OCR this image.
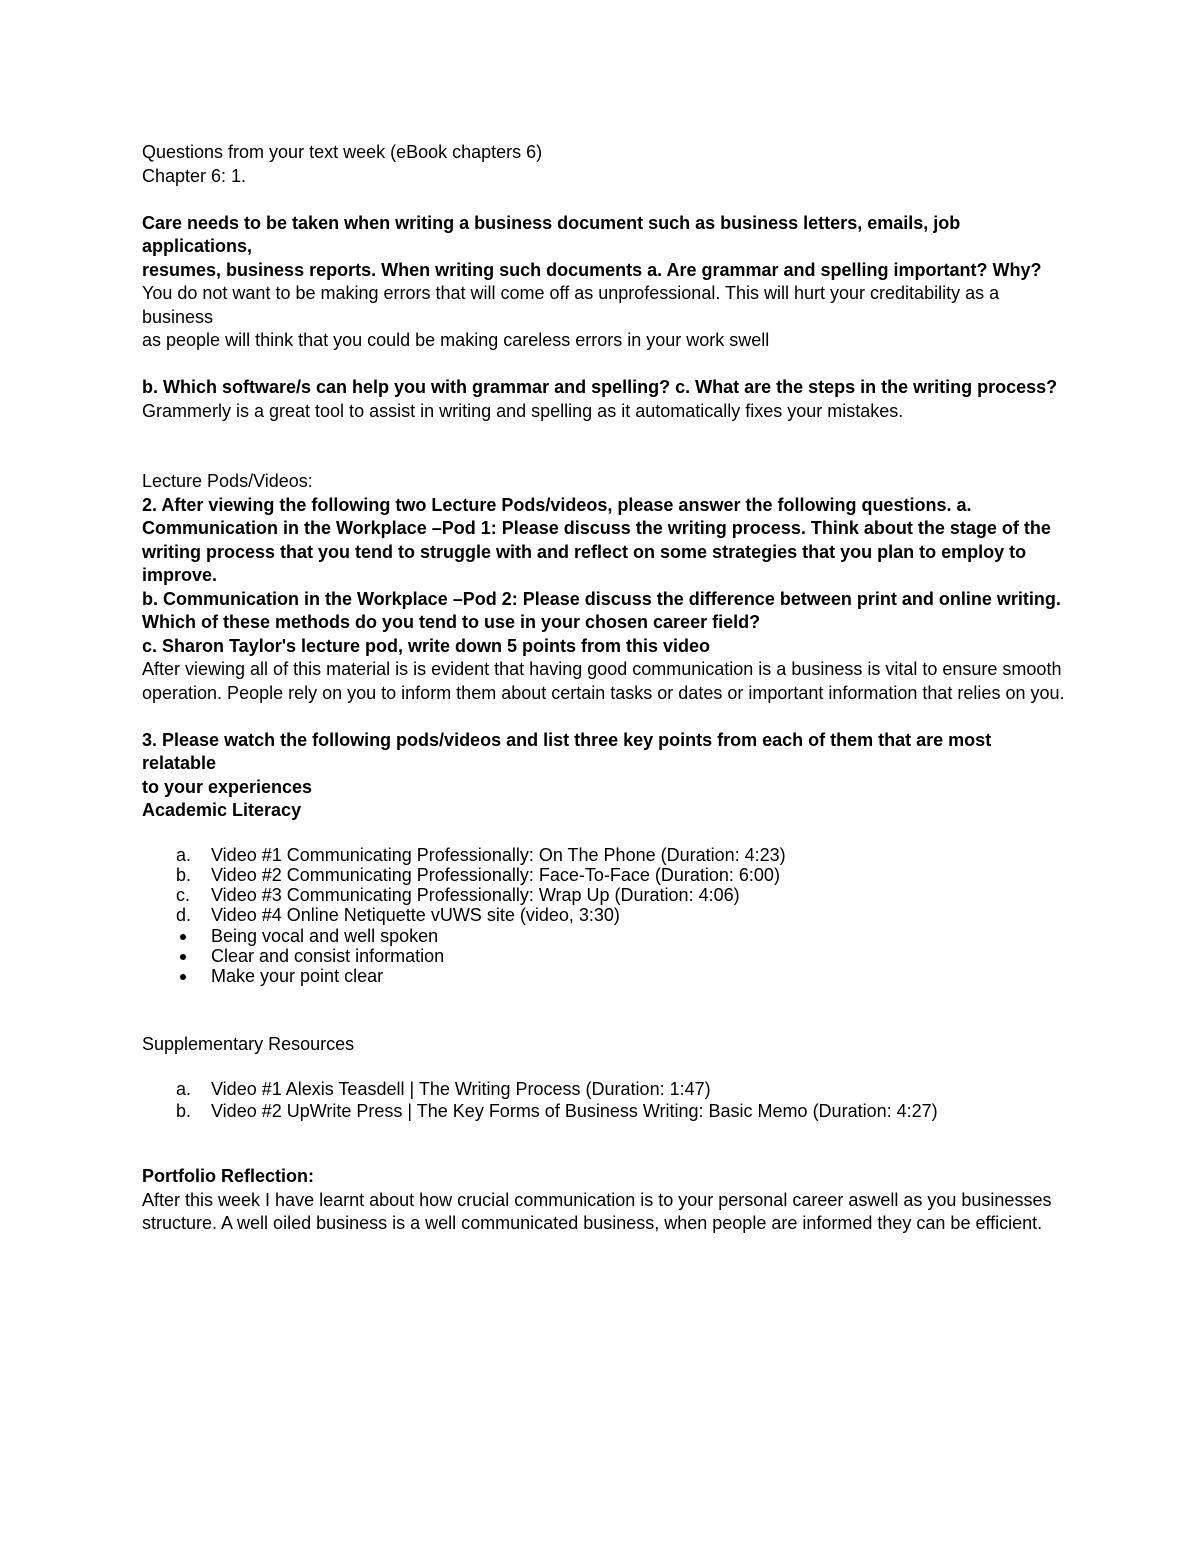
Questions from your text week (eBook chapters 6)

Chapter 6: 1.

Care needs to be taken when writing a business document such as business letters, emails, job applications,

resumes, business reports. When writing such documents a. Are grammar and spelling important? Why?

You do not want to be making errors that will come off as unprofessional. This will hurt your creditability as a business

as people will think that you could be making careless errors in your work swell

b. Which software/s can help you with grammar and spelling? c. What are the steps in the writing process?

Grammerly is a great tool to assist in writing and spelling as it automatically fixes your mistakes.

Lecture Pods/Videos:

2. After viewing the following two Lecture Pods/videos, please answer the following questions. a.

Communication in the Workplace –Pod 1: Please discuss the writing process. Think about the stage of the

writing process that you tend to struggle with and reflect on some strategies that you plan to employ to

improve.

b. Communication in the Workplace –Pod 2: Please discuss the difference between print and online writing.

Which of these methods do you tend to use in your chosen career field?

c. Sharon Taylor's lecture pod, write down 5 points from this video

After viewing all of this material is is evident that having good communication is a business is vital to ensure smooth

operation. People rely on you to inform them about certain tasks or dates or important information that relies on you.

3. Please watch the following pods/videos and list three key points from each of them that are most relatable

to your experiences

Academic Literacy

a.	Video #1 Communicating Professionally: On The Phone (Duration: 4:23)
b.	Video #2 Communicating Professionally: Face-To-Face (Duration: 6:00)
c.	Video #3 Communicating Professionally: Wrap Up (Duration: 4:06)
d.	Video #4 Online Netiquette vUWS site (video, 3:30)
Being vocal and well spoken
Clear and consist information
Make your point clear

Supplementary Resources

a.	Video #1 Alexis Teasdell | The Writing Process (Duration: 1:47)
b.	Video #2 UpWrite Press | The Key Forms of Business Writing: Basic Memo (Duration: 4:27)

Portfolio Reflection:

After this week I have learnt about how crucial communication is to your personal career aswell as you businesses

structure. A well oiled business is a well communicated business, when people are informed they can be efficient.
